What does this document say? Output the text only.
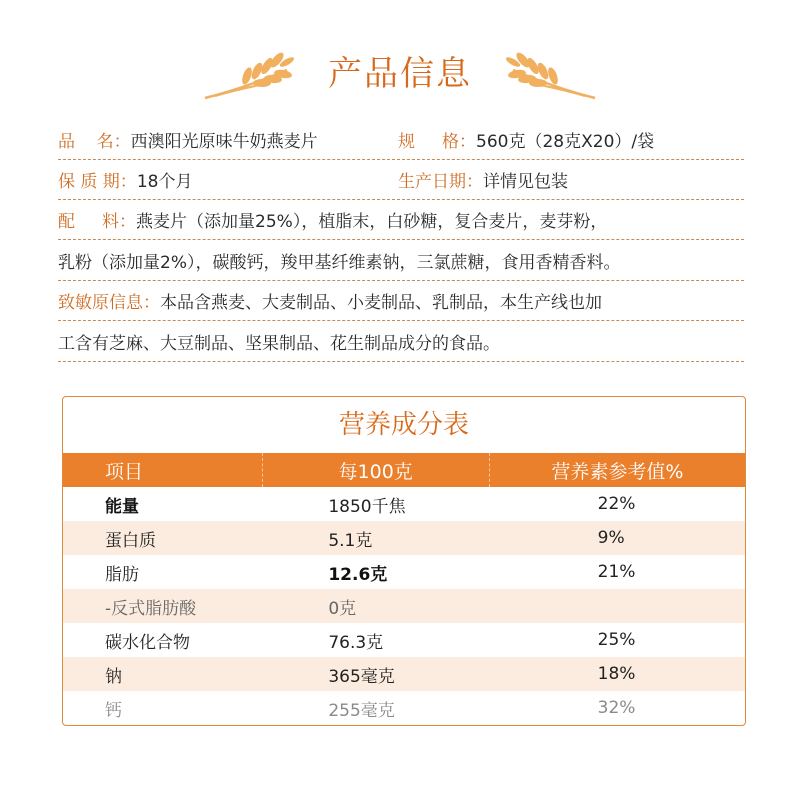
产品信息
品    名： 西澳阳光原味牛奶燕麦片	规     格： 560克（28克X20）/袋
保 质 期： 18个月	生产日期： 详情见包装
配     料： 燕麦片（添加量25%），植脂末，白砂糖，复合麦片，麦芽粉，
乳粉（添加量2%），碳酸钙，羧甲基纤维素钠，三氯蔗糖，食用香精香料。
致敏原信息： 本品含燕麦、大麦制品、小麦制品、乳制品，本生产线也加
工含有芝麻、大豆制品、坚果制品、花生制品成分的食品。
营养成分表
项目	每100克	营养素参考值%
能量	1850千焦	22%
蛋白质	5.1克	9%
脂肪	12.6克	21%
-反式脂肪酸	0克
碳水化合物	76.3克	25%
钠	365毫克	18%
钙	255毫克	32%
